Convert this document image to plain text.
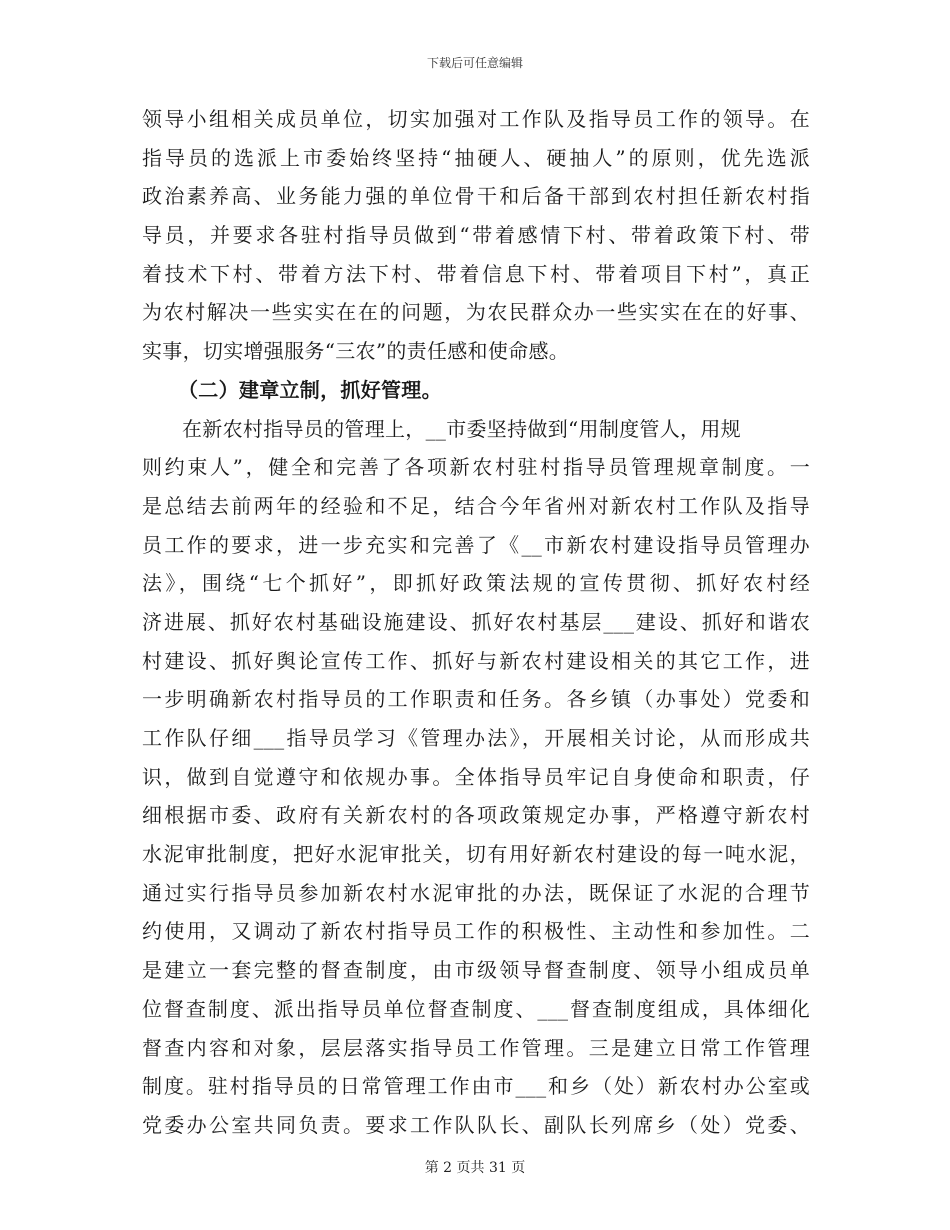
下载后可任意编辑
领导小组相关成员单位，切实加强对工作队及指导员工作的领导。在
指导员的选派上市委始终坚持“抽硬人、硬抽人”的原则，优先选派
政治素养高、业务能力强的单位骨干和后备干部到农村担任新农村指
导员，并要求各驻村指导员做到“带着感情下村、带着政策下村、带
着技术下村、带着方法下村、带着信息下村、带着项目下村”，真正
为农村解决一些实实在在的问题，为农民群众办一些实实在在的好事、
实事，切实增强服务“三农”的责任感和使命感。
（二）建章立制，抓好管理。
在新农村指导员的管理上，__市委坚持做到“用制度管人，用规
则约束人”，健全和完善了各项新农村驻村指导员管理规章制度。一
是总结去前两年的经验和不足，结合今年省州对新农村工作队及指导
员工作的要求，进一步充实和完善了《__市新农村建设指导员管理办
法》，围绕“七个抓好”，即抓好政策法规的宣传贯彻、抓好农村经
济进展、抓好农村基础设施建设、抓好农村基层___建设、抓好和谐农
村建设、抓好舆论宣传工作、抓好与新农村建设相关的其它工作，进
一步明确新农村指导员的工作职责和任务。各乡镇（办事处）党委和
工作队仔细___指导员学习《管理办法》，开展相关讨论，从而形成共
识，做到自觉遵守和依规办事。全体指导员牢记自身使命和职责，仔
细根据市委、政府有关新农村的各项政策规定办事，严格遵守新农村
水泥审批制度，把好水泥审批关，切有用好新农村建设的每一吨水泥，
通过实行指导员参加新农村水泥审批的办法，既保证了水泥的合理节
约使用，又调动了新农村指导员工作的积极性、主动性和参加性。二
是建立一套完整的督查制度，由市级领导督查制度、领导小组成员单
位督查制度、派出指导员单位督查制度、___督查制度组成，具体细化
督查内容和对象，层层落实指导员工作管理。三是建立日常工作管理
制度。驻村指导员的日常管理工作由市___和乡（处）新农村办公室或
党委办公室共同负责。要求工作队队长、副队长列席乡（处）党委、
第 2 页共 31 页
